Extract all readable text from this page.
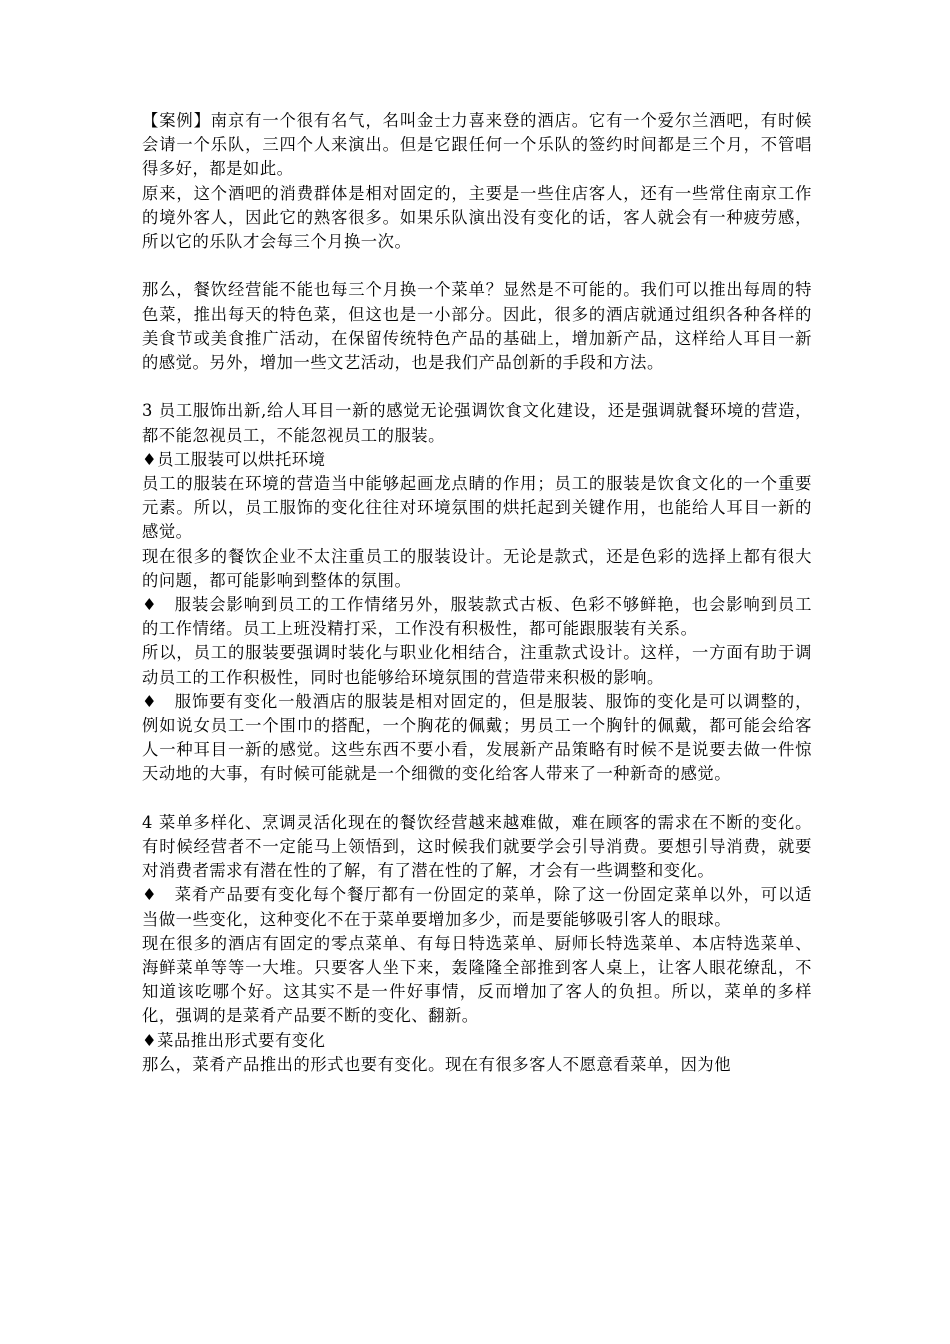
【案例】南京有一个很有名气，名叫金士力喜来登的酒店。它有一个爱尔兰酒吧，有时候会请一个乐队，三四个人来演出。但是它跟任何一个乐队的签约时间都是三个月，不管唱得多好，都是如此。

原来，这个酒吧的消费群体是相对固定的，主要是一些住店客人，还有一些常住南京工作的境外客人，因此它的熟客很多。如果乐队演出没有变化的话，客人就会有一种疲劳感，所以它的乐队才会每三个月换一次。

那么，餐饮经营能不能也每三个月换一个菜单？显然是不可能的。我们可以推出每周的特色菜，推出每天的特色菜，但这也是一小部分。因此，很多的酒店就通过组织各种各样的美食节或美食推广活动，在保留传统特色产品的基础上，增加新产品，这样给人耳目一新的感觉。另外，增加一些文艺活动，也是我们产品创新的手段和方法。

3 员工服饰出新,给人耳目一新的感觉无论强调饮食文化建设，还是强调就餐环境的营造，都不能忽视员工，不能忽视员工的服装。

♦员工服装可以烘托环境

员工的服装在环境的营造当中能够起画龙点睛的作用；员工的服装是饮食文化的一个重要元素。所以，员工服饰的变化往往对环境氛围的烘托起到关键作用，也能给人耳目一新的感觉。

现在很多的餐饮企业不太注重员工的服装设计。无论是款式，还是色彩的选择上都有很大的问题，都可能影响到整体的氛围。

♦　服装会影响到员工的工作情绪另外，服装款式古板、色彩不够鲜艳，也会影响到员工的工作情绪。员工上班没精打采，工作没有积极性，都可能跟服装有关系。

所以，员工的服装要强调时装化与职业化相结合，注重款式设计。这样，一方面有助于调动员工的工作积极性，同时也能够给环境氛围的营造带来积极的影响。

♦　服饰要有变化一般酒店的服装是相对固定的，但是服装、服饰的变化是可以调整的，例如说女员工一个围巾的搭配，一个胸花的佩戴；男员工一个胸针的佩戴，都可能会给客人一种耳目一新的感觉。这些东西不要小看，发展新产品策略有时候不是说要去做一件惊天动地的大事，有时候可能就是一个细微的变化给客人带来了一种新奇的感觉。

4 菜单多样化、烹调灵活化现在的餐饮经营越来越难做，难在顾客的需求在不断的变化。有时候经营者不一定能马上领悟到，这时候我们就要学会引导消费。要想引导消费，就要对消费者需求有潜在性的了解，有了潜在性的了解，才会有一些调整和变化。

♦　菜肴产品要有变化每个餐厅都有一份固定的菜单，除了这一份固定菜单以外，可以适当做一些变化，这种变化不在于菜单要增加多少，而是要能够吸引客人的眼球。

现在很多的酒店有固定的零点菜单、有每日特选菜单、厨师长特选菜单、本店特选菜单、海鲜菜单等等一大堆。只要客人坐下来，轰隆隆全部推到客人桌上，让客人眼花缭乱，不知道该吃哪个好。这其实不是一件好事情，反而增加了客人的负担。所以，菜单的多样化，强调的是菜肴产品要不断的变化、翻新。

♦菜品推出形式要有变化

那么，菜肴产品推出的形式也要有变化。现在有很多客人不愿意看菜单，因为他
